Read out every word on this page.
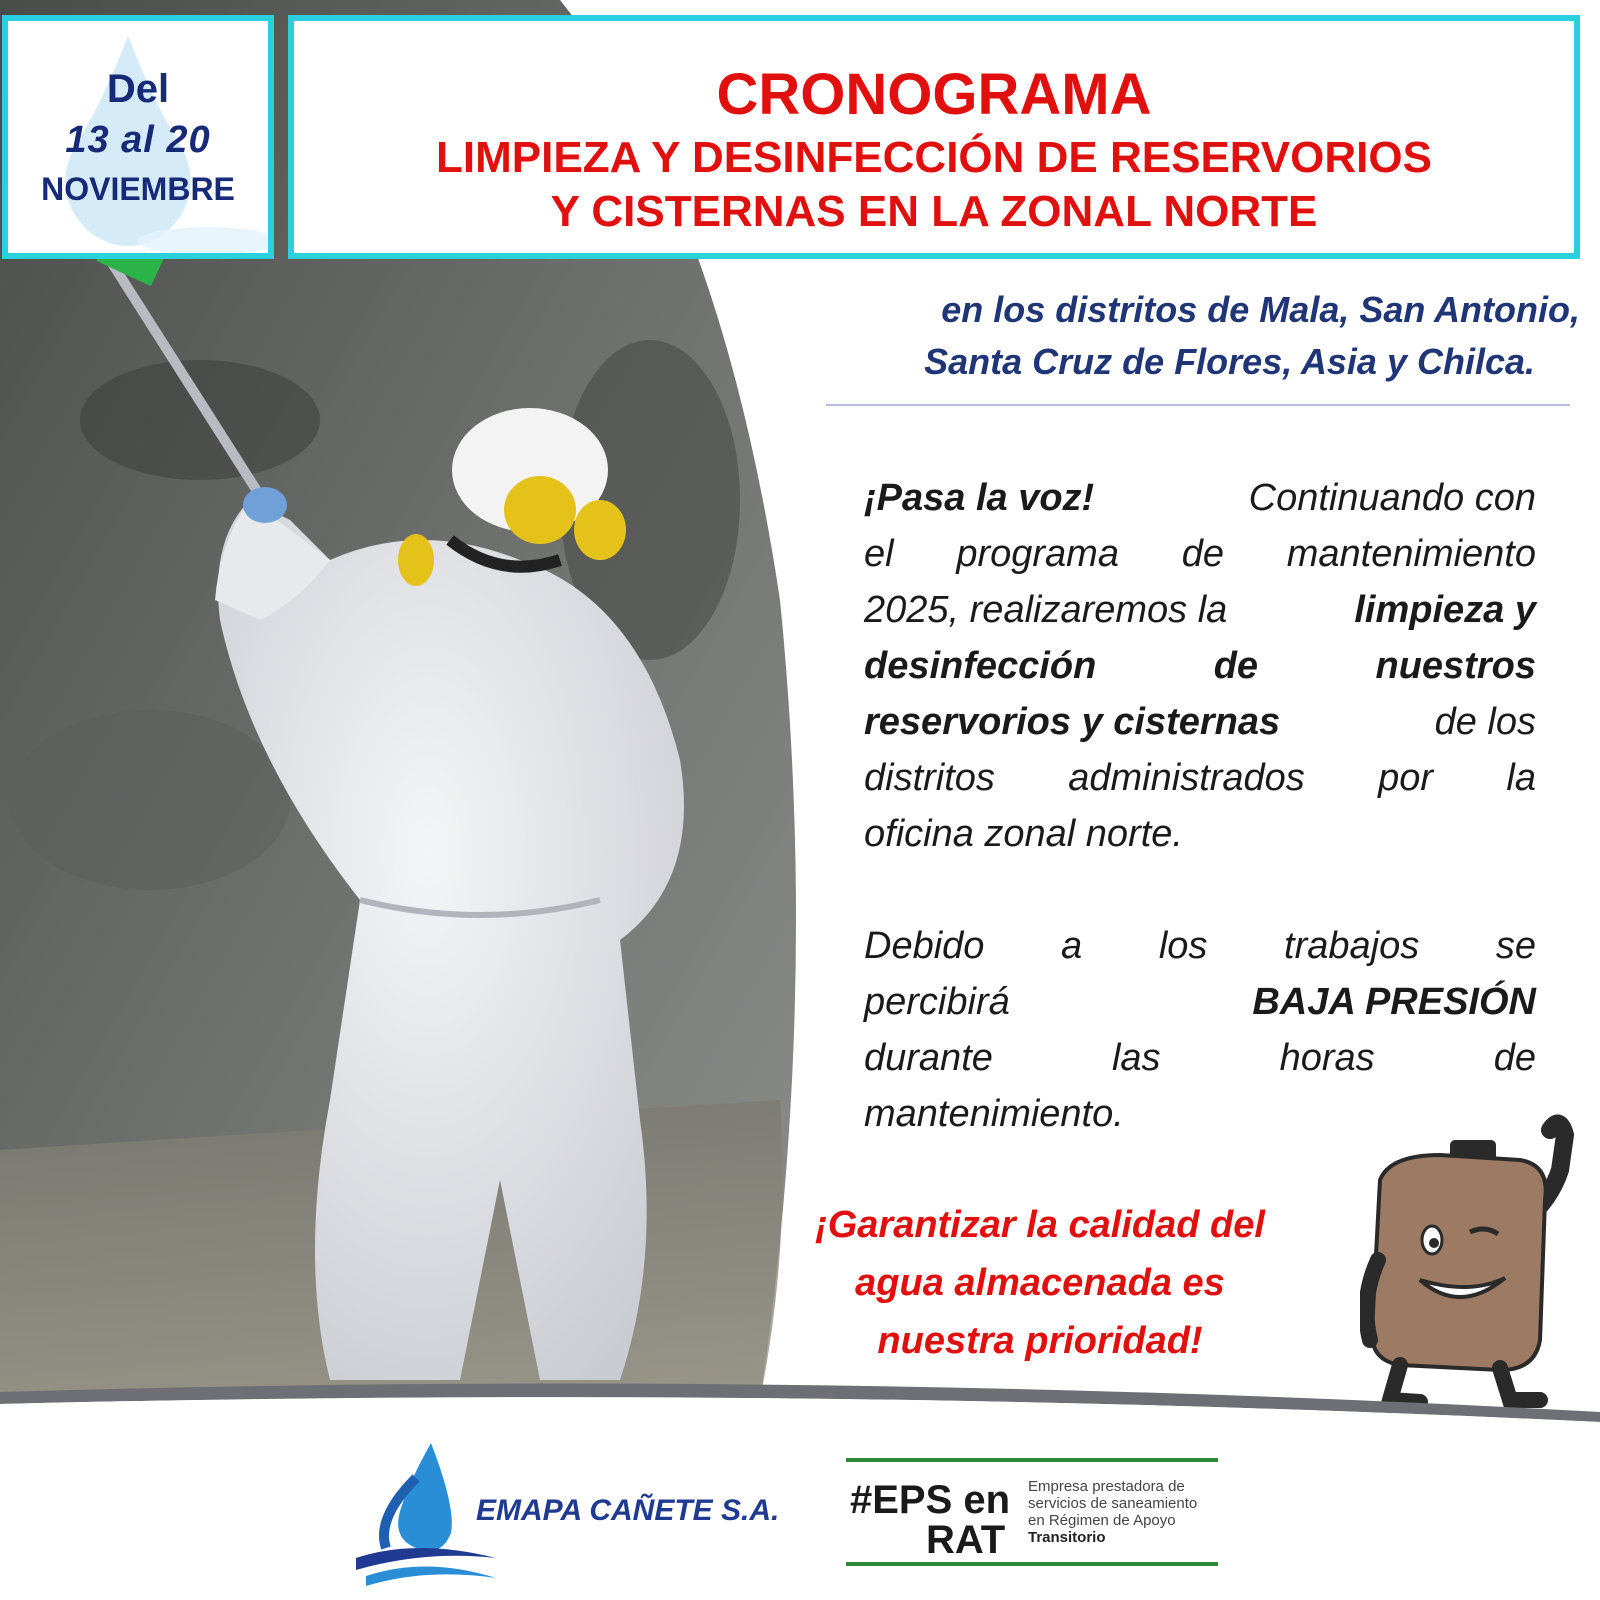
Del
13 al 20
NOVIEMBRE
CRONOGRAMA
LIMPIEZA Y DESINFECCIÓN DE RESERVORIOS
Y CISTERNAS EN LA ZONAL NORTE
en los distritos de Mala, San Antonio,
Santa Cruz de Flores, Asia y Chilca.
¡Pasa la voz!	Continuando con
el programa de mantenimiento
2025, realizaremos la	limpieza y
desinfección	de	nuestros
reservorios y cisternas	de los
distritos administrados por la
oficina zonal norte.
Debido a los trabajos se
percibirá	BAJA PRESIÓN
durante	las	horas	de
mantenimiento.
¡Garantizar la calidad del
agua almacenada es
nuestra prioridad!
EMAPA CAÑETE S.A. #EPS en
RAT
Empresa prestadora de
servicios de saneamiento
en Régimen de Apoyo
Transitorio
